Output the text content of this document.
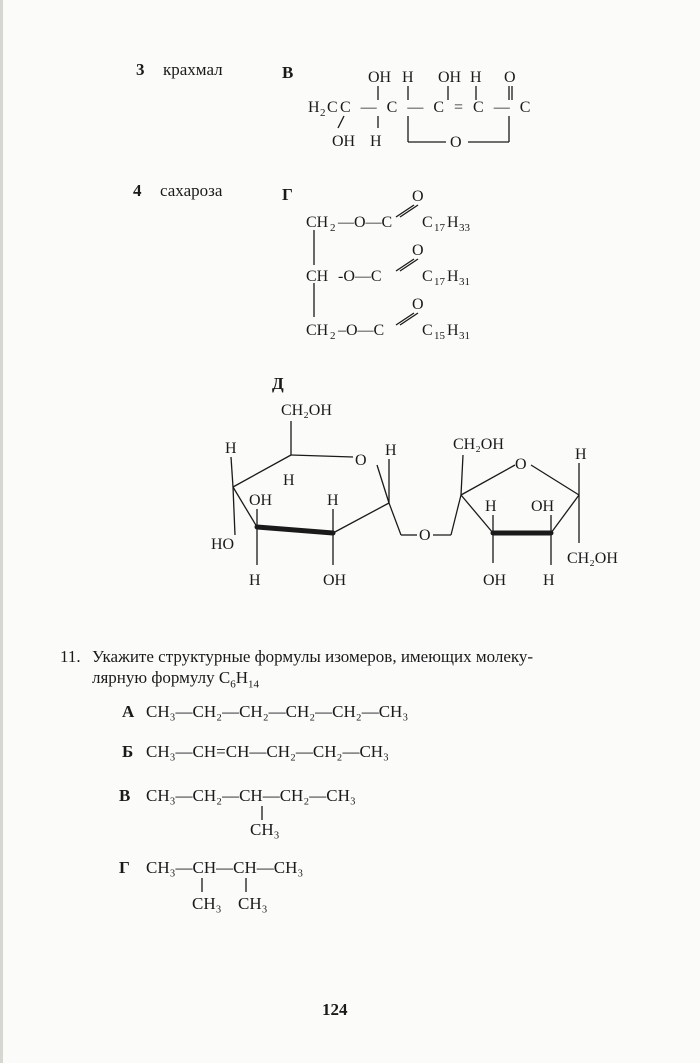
3 крахмал	В
4 сахароза	Г
OH H OH H O
H 2 C C—C—C=C—C
O
OH H
O
CH 2 —O—C C 17 H 33
O
CH -O—C	C 17 H 31
O
CH 2 –O—C C 15 H 31
Д
CH₂OH
O
H
H
H
OH	H
HO
H	OH
O
CH₂OH
O
H
H OH
OH H
CH₂OH
11. Укажите структурные формулы изомеров, имеющих молеку-
лярную формулу $C_6H_{14}$
А CH₃—CH₂—CH₂—CH₂—CH₂—CH₃
Б CH₃—CH=CH—CH₂—CH₂—CH₃
В CH₃—CH₂—CH—CH₂—CH₃
CH₃
Г CH₃—CH—CH—CH₃
CH₃ CH₃
124
